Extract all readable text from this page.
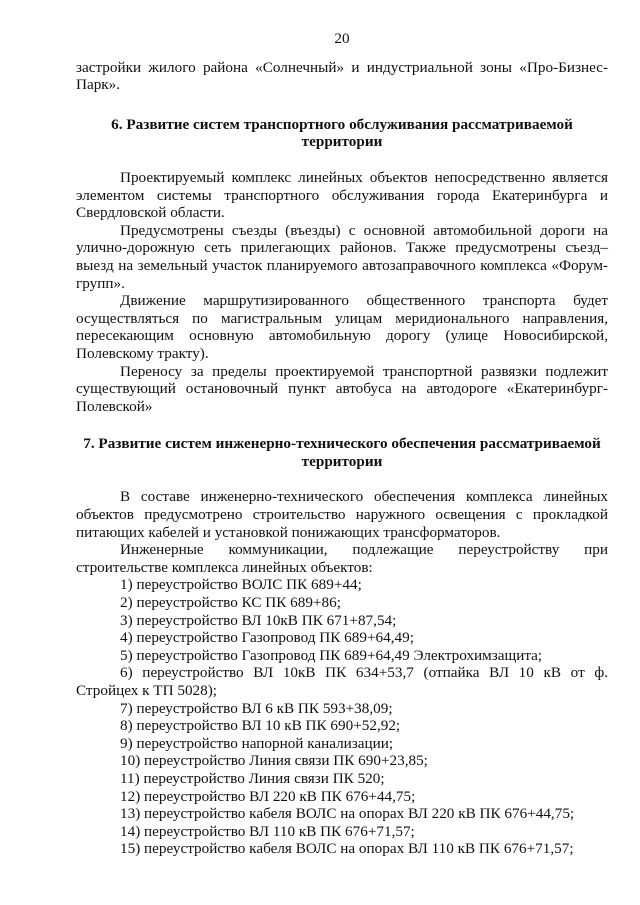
20

застройки жилого района «Солнечный» и индустриальной зоны «Про-Бизнес-Парк».

6. Развитие систем транспортного обслуживания рассматриваемой территории

Проектируемый комплекс линейных объектов непосредственно является элементом системы транспортного обслуживания города Екатеринбурга и Свердловской области.

Предусмотрены съезды (въезды) с основной автомобильной дороги на улично-дорожную сеть прилегающих районов. Также предусмотрены съезд–выезд на земельный участок планируемого автозаправочного комплекса «Форум-групп».

Движение маршрутизированного общественного транспорта будет осуществляться по магистральным улицам меридионального направления, пересекающим основную автомобильную дорогу (улице Новосибирской, Полевскому тракту).

Переносу за пределы проектируемой транспортной развязки подлежит существующий остановочный пункт автобуса на автодороге «Екатеринбург-Полевской»

7. Развитие систем инженерно-технического обеспечения рассматриваемой территории

В составе инженерно-технического обеспечения комплекса линейных объектов предусмотрено строительство наружного освещения с прокладкой питающих кабелей и установкой понижающих трансформаторов.

Инженерные коммуникации, подлежащие переустройству при строительстве комплекса линейных объектов:

1) переустройство ВОЛС ПК 689+44;
2) переустройство КС ПК 689+86;
3) переустройство ВЛ 10кВ ПК 671+87,54;
4) переустройство Газопровод ПК 689+64,49;
5) переустройство Газопровод ПК 689+64,49 Электрохимзащита;
6) переустройство ВЛ 10кВ ПК 634+53,7 (отпайка ВЛ 10 кВ от ф. Стройцех к ТП 5028);
7) переустройство ВЛ 6 кВ ПК 593+38,09;
8) переустройство ВЛ 10 кВ ПК 690+52,92;
9) переустройство напорной канализации;
10) переустройство Линия связи ПК 690+23,85;
11) переустройство Линия связи ПК 520;
12) переустройство ВЛ 220 кВ ПК 676+44,75;
13) переустройство кабеля ВОЛС на опорах ВЛ 220 кВ ПК 676+44,75;
14) переустройство ВЛ 110 кВ ПК 676+71,57;
15) переустройство кабеля ВОЛС на опорах ВЛ 110 кВ ПК 676+71,57;
